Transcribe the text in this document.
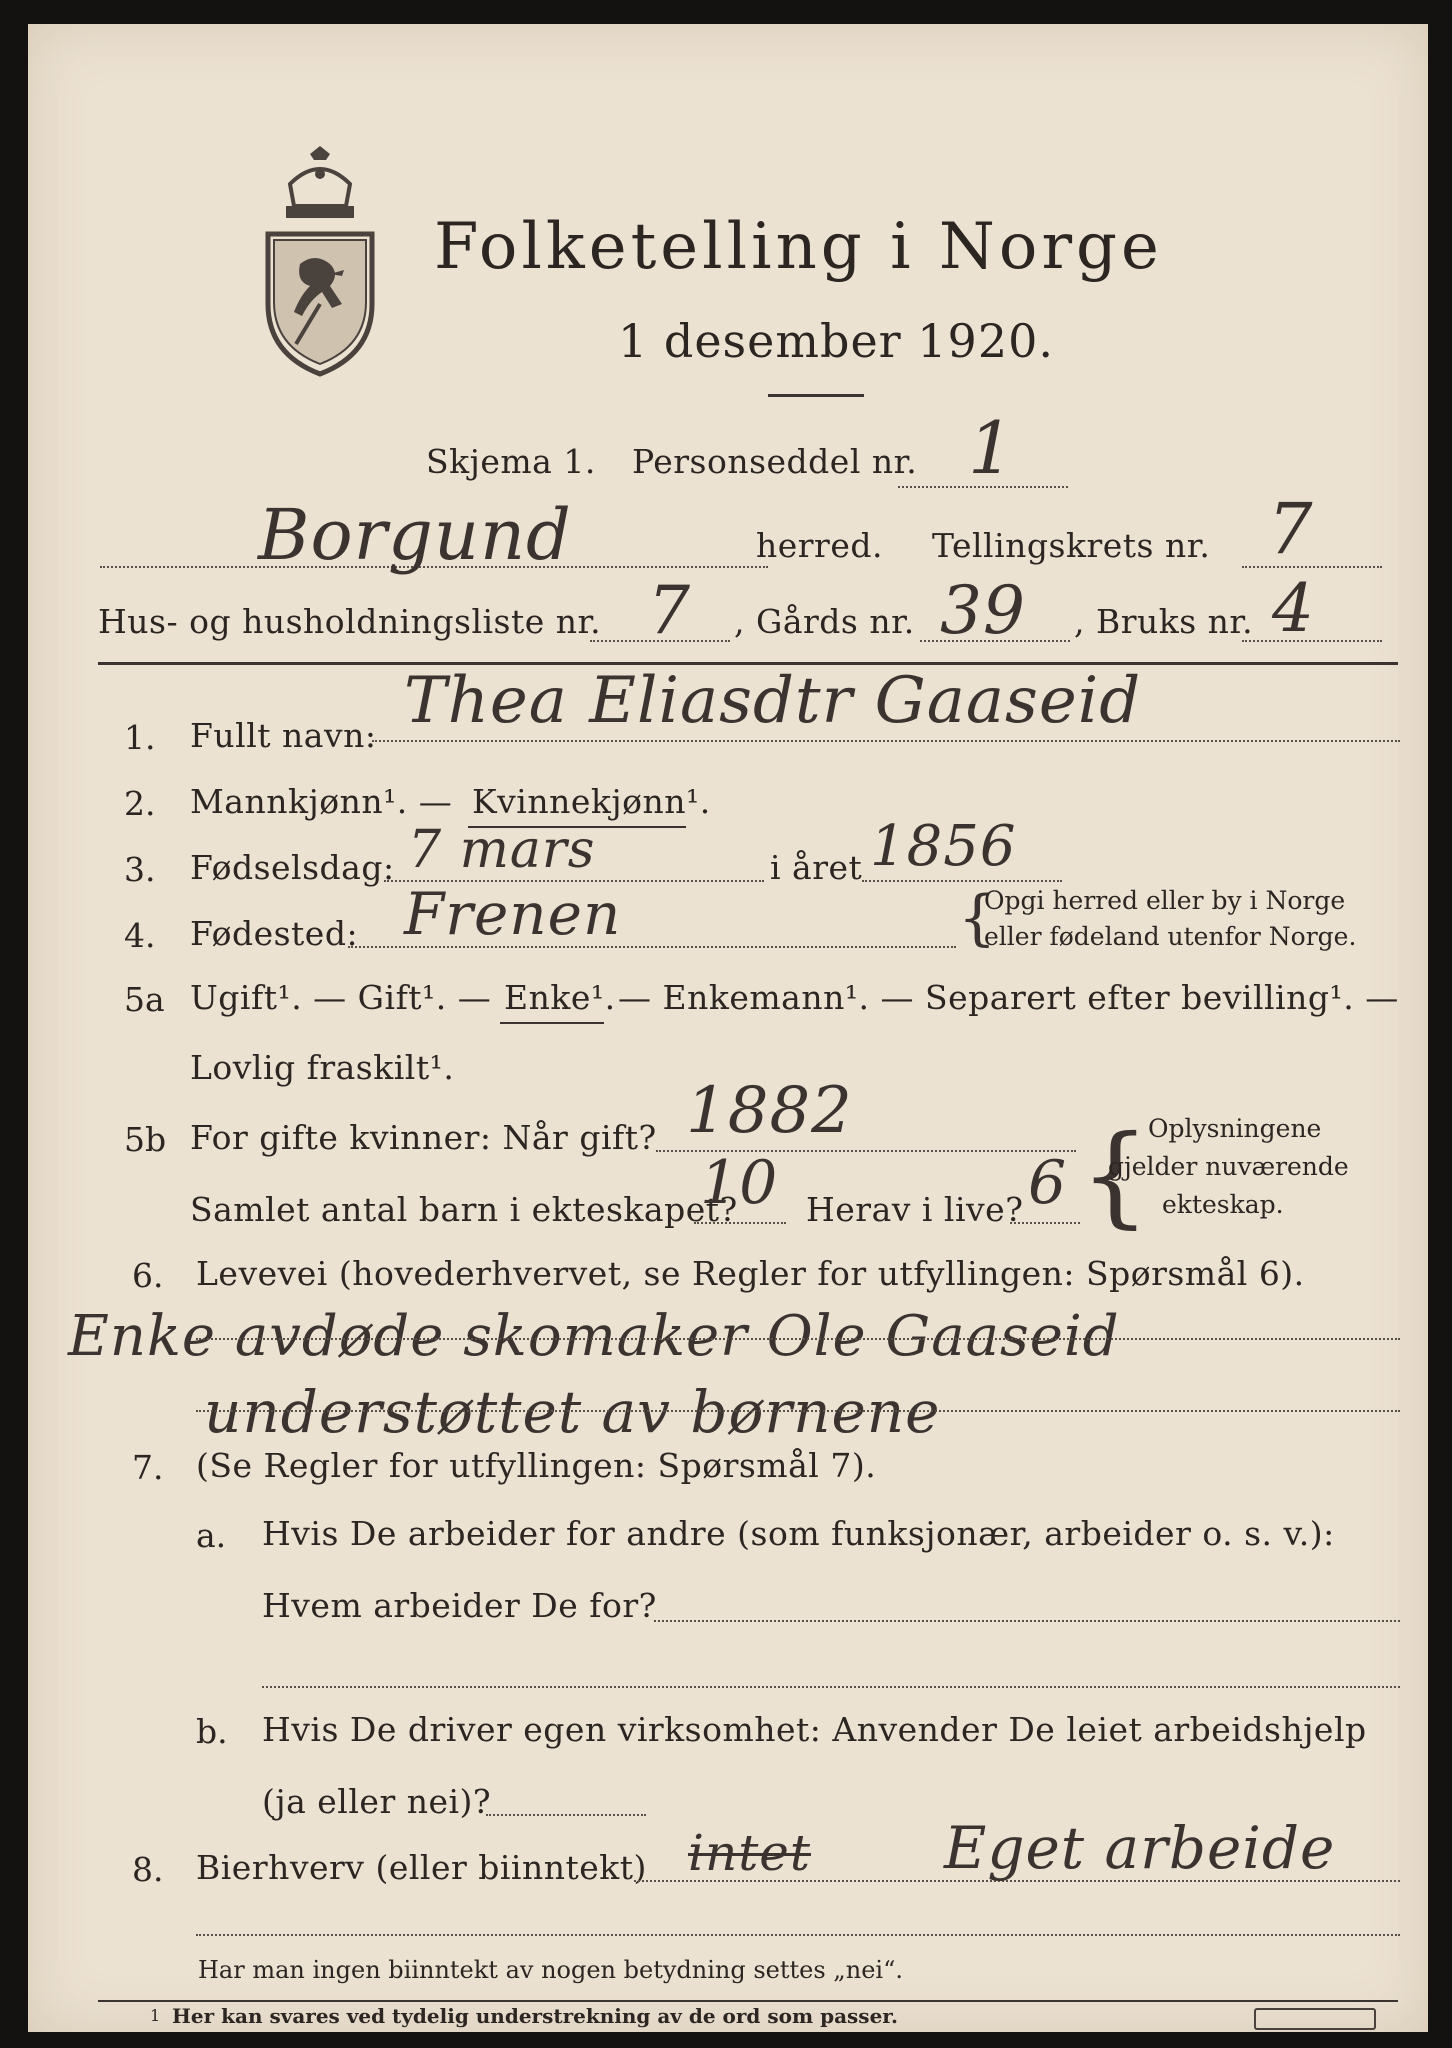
Folketelling i Norge
1 desember 1920.
Skjema 1. Personseddel nr. 1
Borgund	herred. Tellingskrets nr. 7
Hus- og husholdningsliste nr. 7 , Gårds nr. 39 , Bruks nr. 4
1. Fullt navn: Thea Eliasdtr Gaaseid
2. Mannkjønn¹. — Kvinnekjønn¹.
3. Fødselsdag: 7 mars	i året 1856
4. Fødested: Frenen	{
Opgi herred eller by i Norge
eller fødeland utenfor Norge.
5a Ugift¹. — Gift¹. — Enke¹. — Enkemann¹. — Separert efter bevilling¹. —
Lovlig fraskilt¹.
5b For gifte kvinner: Når gift? 1882
Samlet antal barn i ekteskapet?
10 Herav i live? 6 {
Oplysningene
gjelder nuværende
ekteskap.
6. Levevei (hovederhvervet, se Regler for utfyllingen: Spørsmål 6).
Enke avdøde skomaker Ole Gaaseid
understøttet av børnene
7. (Se Regler for utfyllingen: Spørsmål 7).
a. Hvis De arbeider for andre (som funksjonær, arbeider o. s. v.):
Hvem arbeider De for?
b. Hvis De driver egen virksomhet: Anvender De leiet arbeidshjelp
(ja eller nei)?
8. Bierhverv (eller biinntekt) intet Eget arbeide
Har man ingen biinntekt av nogen betydning settes „nei“.
1 Her kan svares ved tydelig understrekning av de ord som passer.
